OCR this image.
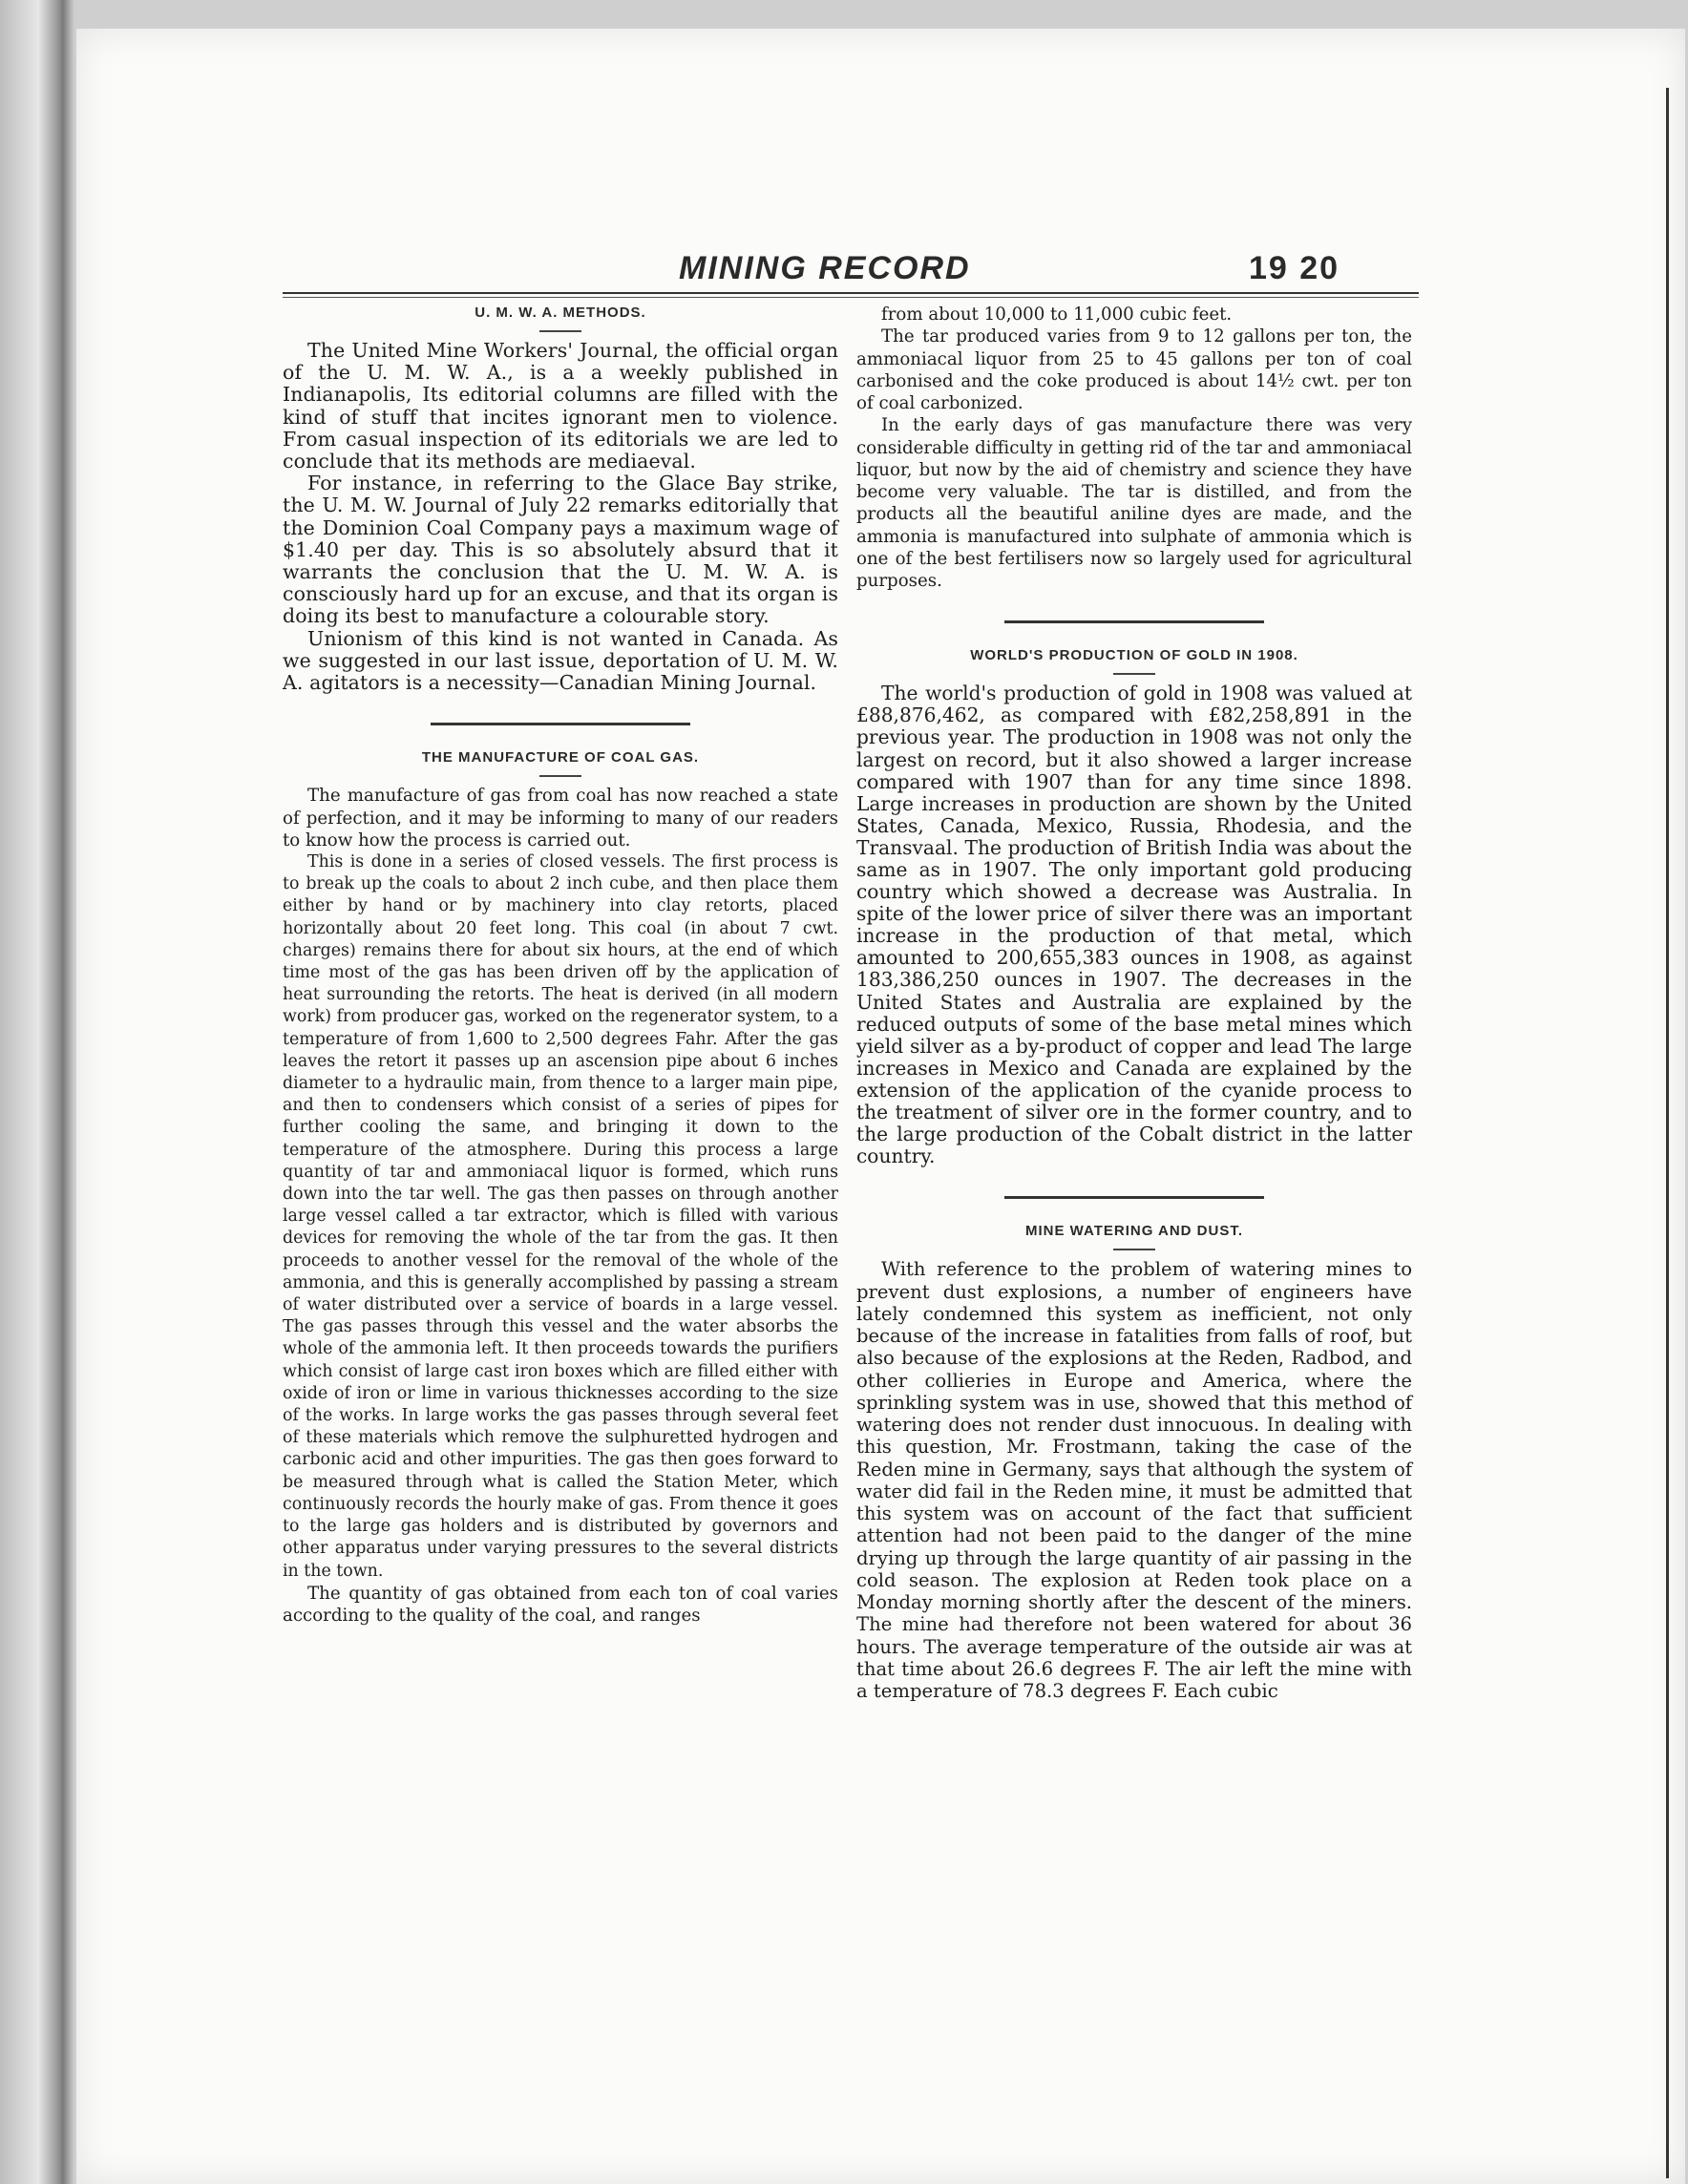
MINING RECORD	19 20
U. M. W. A. METHODS.

The United Mine Workers' Journal, the official organ of the U. M. W. A., is a a weekly published in Indianapolis, Its editorial columns are filled with the kind of stuff that incites ignorant men to violence. From casual inspection of its editorials we are led to conclude that its methods are mediaeval.

For instance, in referring to the Glace Bay strike, the U. M. W. Journal of July 22 remarks editorially that the Dominion Coal Company pays a maximum wage of $1.40 per day. This is so absolutely absurd that it warrants the conclusion that the U. M. W. A. is consciously hard up for an excuse, and that its organ is doing its best to manufacture a colourable story.

Unionism of this kind is not wanted in Canada. As we suggested in our last issue, deportation of U. M. W. A. agitators is a necessity—Canadian Mining Journal.

THE MANUFACTURE OF COAL GAS.

The manufacture of gas from coal has now reached a state of perfection, and it may be informing to many of our readers to know how the process is carried out.

This is done in a series of closed vessels. The first process is to break up the coals to about 2 inch cube, and then place them either by hand or by machinery into clay retorts, placed horizontally about 20 feet long. This coal (in about 7 cwt. charges) remains there for about six hours, at the end of which time most of the gas has been driven off by the application of heat surrounding the retorts. The heat is derived (in all modern work) from producer gas, worked on the regenerator system, to a temperature of from 1,600 to 2,500 degrees Fahr. After the gas leaves the retort it passes up an ascension pipe about 6 inches diameter to a hydraulic main, from thence to a larger main pipe, and then to condensers which consist of a series of pipes for further cooling the same, and bringing it down to the temperature of the atmosphere. During this process a large quantity of tar and ammoniacal liquor is formed, which runs down into the tar well. The gas then passes on through another large vessel called a tar extractor, which is filled with various devices for removing the whole of the tar from the gas. It then proceeds to another vessel for the removal of the whole of the ammonia, and this is generally accomplished by passing a stream of water distributed over a service of boards in a large vessel. The gas passes through this vessel and the water absorbs the whole of the ammonia left. It then proceeds towards the purifiers which consist of large cast iron boxes which are filled either with oxide of iron or lime in various thicknesses according to the size of the works. In large works the gas passes through several feet of these materials which remove the sulphuretted hydrogen and carbonic acid and other impurities. The gas then goes forward to be measured through what is called the Station Meter, which continuously records the hourly make of gas. From thence it goes to the large gas holders and is distributed by governors and other apparatus under varying pressures to the several districts in the town.

The quantity of gas obtained from each ton of coal varies according to the quality of the coal, and ranges

from about 10,000 to 11,000 cubic feet.

The tar produced varies from 9 to 12 gallons per ton, the ammoniacal liquor from 25 to 45 gallons per ton of coal carbonised and the coke produced is about 14½ cwt. per ton of coal carbonized.

In the early days of gas manufacture there was very considerable difficulty in getting rid of the tar and ammoniacal liquor, but now by the aid of chemistry and science they have become very valuable. The tar is distilled, and from the products all the beautiful aniline dyes are made, and the ammonia is manufactured into sulphate of ammonia which is one of the best fertilisers now so largely used for agricultural purposes.

WORLD'S PRODUCTION OF GOLD IN 1908.

The world's production of gold in 1908 was valued at £88,876,462, as compared with £82,258,891 in the previous year. The production in 1908 was not only the largest on record, but it also showed a larger increase compared with 1907 than for any time since 1898. Large increases in production are shown by the United States, Canada, Mexico, Russia, Rhodesia, and the Transvaal. The production of British India was about the same as in 1907. The only important gold producing country which showed a decrease was Australia. In spite of the lower price of silver there was an important increase in the production of that metal, which amounted to 200,655,383 ounces in 1908, as against 183,386,250 ounces in 1907. The decreases in the United States and Australia are explained by the reduced outputs of some of the base metal mines which yield silver as a by-product of copper and lead The large increases in Mexico and Canada are explained by the extension of the application of the cyanide process to the treatment of silver ore in the former country, and to the large production of the Cobalt district in the latter country.

MINE WATERING AND DUST.

With reference to the problem of watering mines to prevent dust explosions, a number of engineers have lately condemned this system as inefficient, not only because of the increase in fatalities from falls of roof, but also because of the explosions at the Reden, Radbod, and other collieries in Europe and America, where the sprinkling system was in use, showed that this method of watering does not render dust innocuous. In dealing with this question, Mr. Frostmann, taking the case of the Reden mine in Germany, says that although the system of water did fail in the Reden mine, it must be admitted that this system was on account of the fact that sufficient attention had not been paid to the danger of the mine drying up through the large quantity of air passing in the cold season. The explosion at Reden took place on a Monday morning shortly after the descent of the miners. The mine had therefore not been watered for about 36 hours. The average temperature of the outside air was at that time about 26.6 degrees F. The air left the mine with a temperature of 78.3 degrees F. Each cubic
